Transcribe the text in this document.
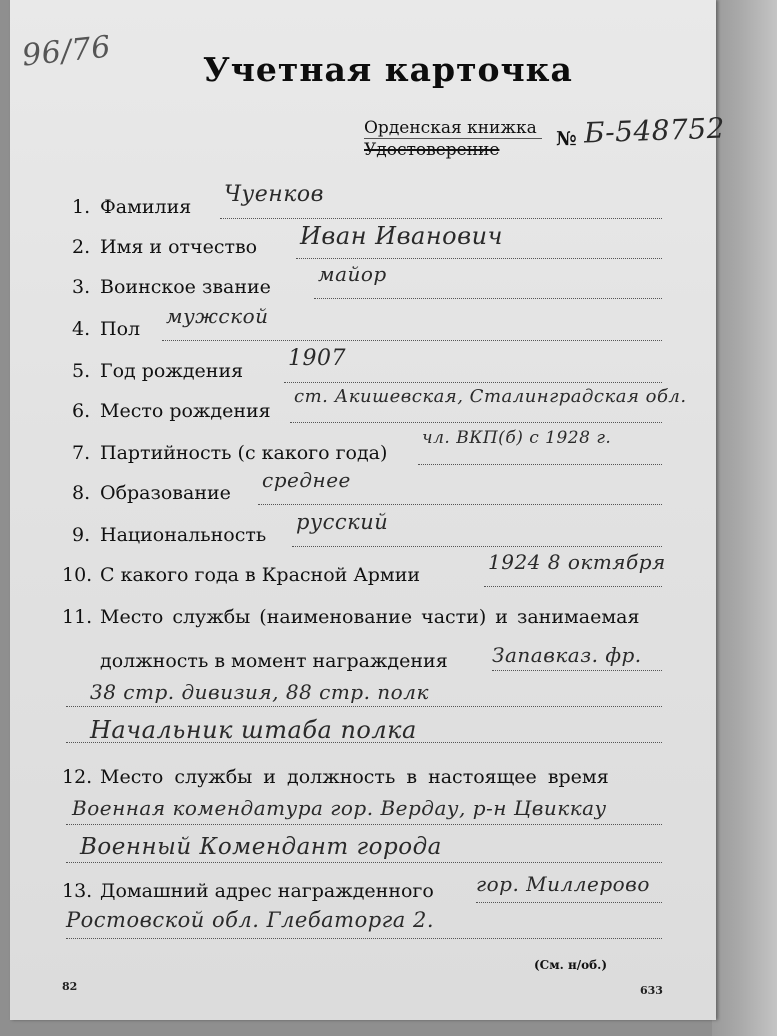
96/76	Учетная карточка
Орденская книжка
Удостоверение	№ Б-548752
1. Фамилия Чуенков
2. Имя и отчество Иван Иванович
3. Воинское звание
майор
4. Пол
мужской
5. Год рождения 1907
6. Место рождения
ст. Акишевская, Сталинградская обл.
7. Партийность (с какого года)
чл. ВКП(б) с 1928 г.
8. Образование
среднее
9. Национальность
русский
10. С какого года в Красной Армии
1924 8 октября
11. Место службы (наименование части) и занимаемая
должность в момент награждения Запавказ. фр.
38 стр. дивизия, 88 стр. полк
Начальник штаба полка
12. Место службы и должность в настоящее время
Военная комендатура гор. Вердау, р-н Цвиккау
Военный Комендант города
13. Домашний адрес награжденного гор. Миллерово
Ростовской обл. Глебаторга 2.
(См. н/об.)
82	633
